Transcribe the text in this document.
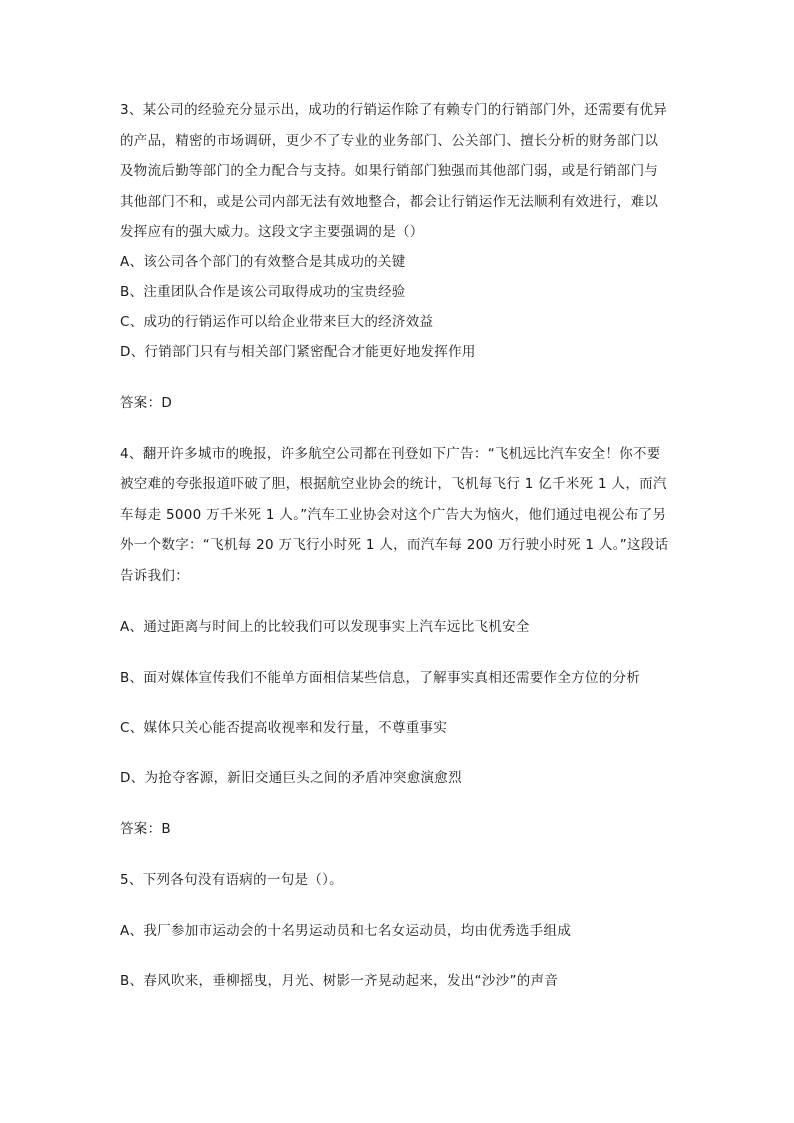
3、某公司的经验充分显示出，成功的行销运作除了有赖专门的行销部门外，还需要有优异
的产品，精密的市场调研，更少不了专业的业务部门、公关部门、擅长分析的财务部门以
及物流后勤等部门的全力配合与支持。如果行销部门独强而其他部门弱，或是行销部门与
其他部门不和，或是公司内部无法有效地整合，都会让行销运作无法顺利有效进行，难以
发挥应有的强大威力。这段文字主要强调的是（）
A、该公司各个部门的有效整合是其成功的关键
B、注重团队合作是该公司取得成功的宝贵经验
C、成功的行销运作可以给企业带来巨大的经济效益
D、行销部门只有与相关部门紧密配合才能更好地发挥作用
答案：D
4、翻开许多城市的晚报，许多航空公司都在刊登如下广告：“飞机远比汽车安全！你不要
被空难的夸张报道吓破了胆，根据航空业协会的统计，飞机每飞行 1 亿千米死 1 人，而汽
车每走 5000 万千米死 1 人。”汽车工业协会对这个广告大为恼火，他们通过电视公布了另
外一个数字：“飞机每 20 万飞行小时死 1 人，而汽车每 200 万行驶小时死 1 人。”这段话
告诉我们：
A、通过距离与时间上的比较我们可以发现事实上汽车远比飞机安全
B、面对媒体宣传我们不能单方面相信某些信息，了解事实真相还需要作全方位的分析
C、媒体只关心能否提高收视率和发行量，不尊重事实
D、为抢夺客源，新旧交通巨头之间的矛盾冲突愈演愈烈
答案：B
5、下列各句没有语病的一句是（）。
A、我厂参加市运动会的十名男运动员和七名女运动员，均由优秀选手组成
B、春风吹来，垂柳摇曳，月光、树影一齐晃动起来，发出“沙沙”的声音
